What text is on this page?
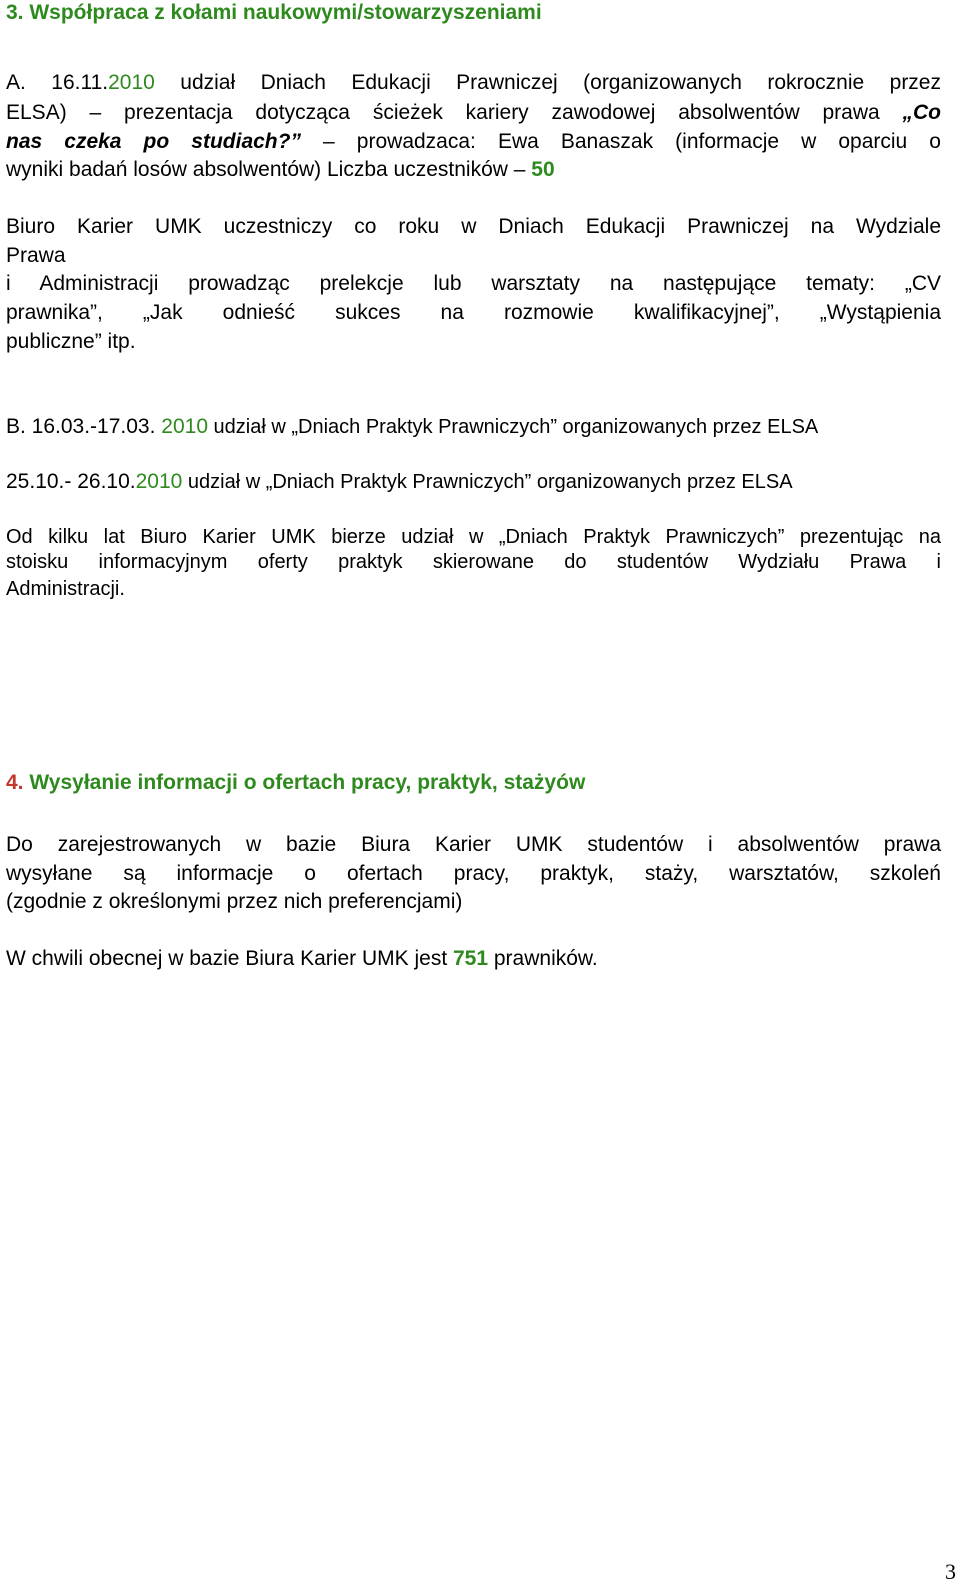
3. Współpraca z kołami naukowymi/stowarzyszeniami
A. 16.11.2010 udział Dniach Edukacji Prawniczej (organizowanych rokrocznie przez
ELSA) – prezentacja dotycząca ścieżek kariery zawodowej absolwentów prawa „Co
nas czeka po studiach?” – prowadzaca: Ewa Banaszak (informacje w oparciu o
wyniki badań losów absolwentów) Liczba uczestników – 50
Biuro Karier UMK uczestniczy co roku w Dniach Edukacji Prawniczej na Wydziale
Prawa
i Administracji prowadząc prelekcje lub warsztaty na następujące tematy: „CV
prawnika”, „Jak odnieść sukces na rozmowie kwalifikacyjnej”, „Wystąpienia
publiczne” itp.
B. 16.03.-17.03. 2010 udział w „Dniach Praktyk Prawniczych” organizowanych przez ELSA
25.10.- 26.10.2010 udział w „Dniach Praktyk Prawniczych” organizowanych przez ELSA
Od kilku lat Biuro Karier UMK bierze udział w „Dniach Praktyk Prawniczych” prezentując na
stoisku informacyjnym oferty praktyk skierowane do studentów Wydziału Prawa i
Administracji.
4. Wysyłanie informacji o ofertach pracy, praktyk, stażyów
Do zarejestrowanych w bazie Biura Karier UMK studentów i absolwentów prawa
wysyłane są informacje o ofertach pracy, praktyk, staży, warsztatów, szkoleń
(zgodnie z określonymi przez nich preferencjami)
W chwili obecnej w bazie Biura Karier UMK jest 751 prawników.
3
